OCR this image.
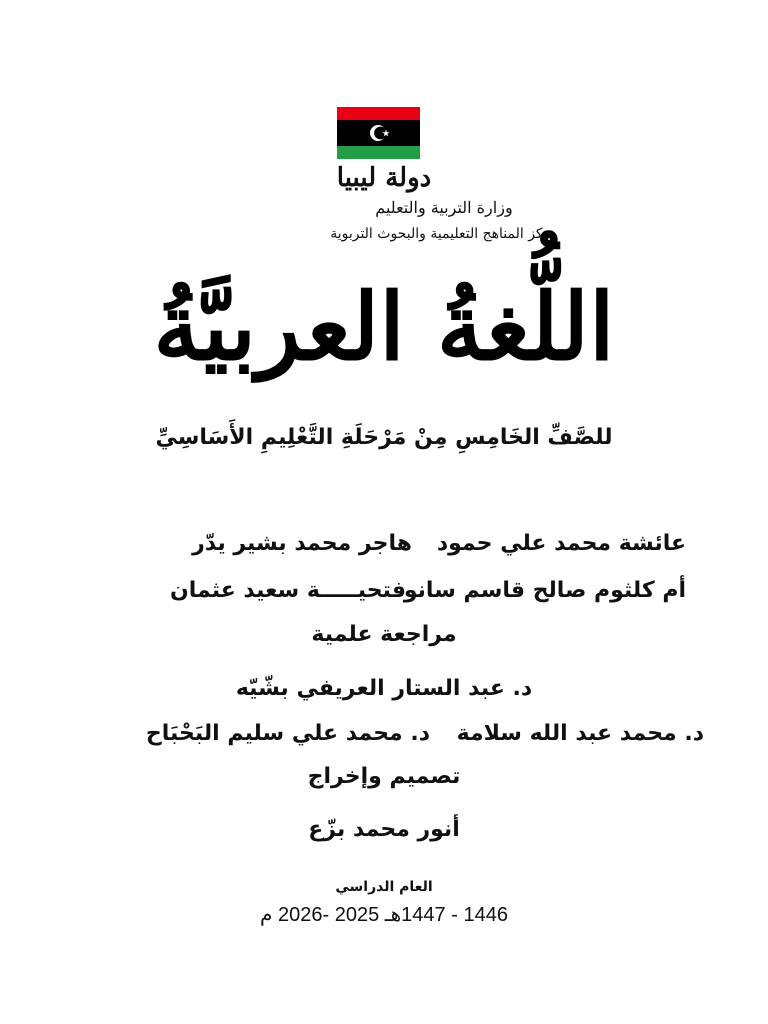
دولة ليبيا
وزارة التربية والتعليم
مركز المناهج التعليمية والبحوث التربوية
اللُّغةُ العربيَّةُ
للصَّفِّ الخَامِسِ مِنْ مَرْحَلَةِ التَّعْلِيمِ الأَسَاسِيِّ
عائشة محمد علي حمود
هاجر محمد بشير يدّر
أم كلثوم صالح قاسم سانو
فتحيـــــة سعيد عثمان
مراجعة علمية
د. عبد الستار العريفي بشّيّه
د. محمد عبد الله سلامة
د. محمد علي سليم البَحْبَاح
تصميم وإخراج
أنور محمد بزّع
العام الدراسي
1446 - 1447هـ 2025 -2026 م
